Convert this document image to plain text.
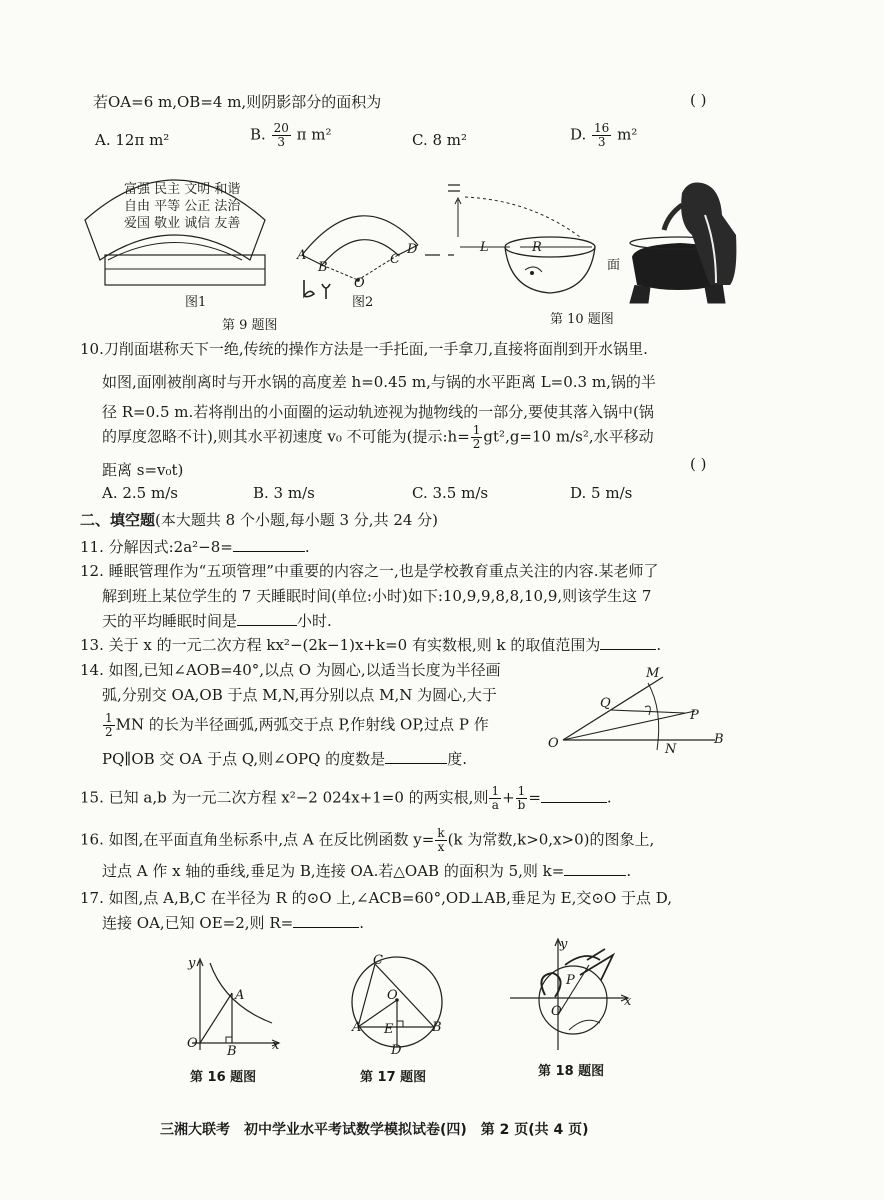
若OA=6 m,OB=4 m,则阴影部分的面积为	( )
A. 12π m²	B. $\frac{20}{3}$ π m²	C. 8 m²	D. $\frac{16}{3} m^2$
富强 民主 文明 和谐
自由 平等 公正 法治
爱国 敬业 诚信 友善
图1
A
B
C
D
O
图2
L	R
面
第 9 题图	第 10 题图
10.刀削面堪称天下一绝,传统的操作方法是一手托面,一手拿刀,直接将面削到开水锅里.
如图,面刚被削离时与开水锅的高度差 h=0.45 m,与锅的水平距离 L=0.3 m,锅的半
径 R=0.5 m.若将削出的小面圈的运动轨迹视为抛物线的一部分,要使其落入锅中(锅
的厚度忽略不计),则其水平初速度 v₀ 不可能为(提示:h= $\frac{1}{2} gt^2,g=10$ m/s²,水平移动
距离 s=v₀t)	( )
A. 2.5 m/s	B. 3 m/s	C. 3.5 m/s	D. 5 m/s
二、填空题(本大题共 8 个小题,每小题 3 分,共 24 分)
11. 分解因式:2a²−8=	.
12. 睡眠管理作为“五项管理”中重要的内容之一,也是学校教育重点关注的内容.某老师了
解到班上某位学生的 7 天睡眠时间(单位:小时)如下:10,9,9,8,8,10,9,则该学生这 7
天的平均睡眠时间是	小时.
13. 关于 x 的一元二次方程 kx²−(2k−1)x+k=0 有实数根,则 k 的取值范围为	.
14. 如图,已知∠AOB=40°,以点 O 为圆心,以适当长度为半径画
弧,分别交 OA,OB 于点 M,N,再分别以点 M,N 为圆心,大于
$\frac{1}{2}$ MN 的长为半径画弧,两弧交于点 P,作射线 OP,过点 P 作
PQ∥OB 交 OA 于点 Q,则∠OPQ 的度数是	度.
M
Q
P
O	N
B
15. 已知 a,b 为一元二次方程 x²−2 024x+1=0 的两实根,则 $\frac{1}{a} + \frac{1}{b}$ =	.
16. 如图,在平面直角坐标系中,点 A 在反比例函数 $y= \frac{k}{x} (k$ 为常数,k>0,x>0)的图象上,
过点 A 作 x 轴的垂线,垂足为 B,连接 OA.若△OAB 的面积为 5,则 k=	.
17. 如图,点 A,B,C 在半径为 R 的⊙O 上,∠ACB=60°,OD⊥AB,垂足为 E,交⊙O 于点 D,
连接 OA,已知 OE=2,则 R=	.
y
A
O
B	x
第 16 题图
C
O
A E	B
D
第 17 题图
y
P
O
x
第 18 题图
三湘大联考　初中学业水平考试数学模拟试卷(四)　第 2 页(共 4 页)
